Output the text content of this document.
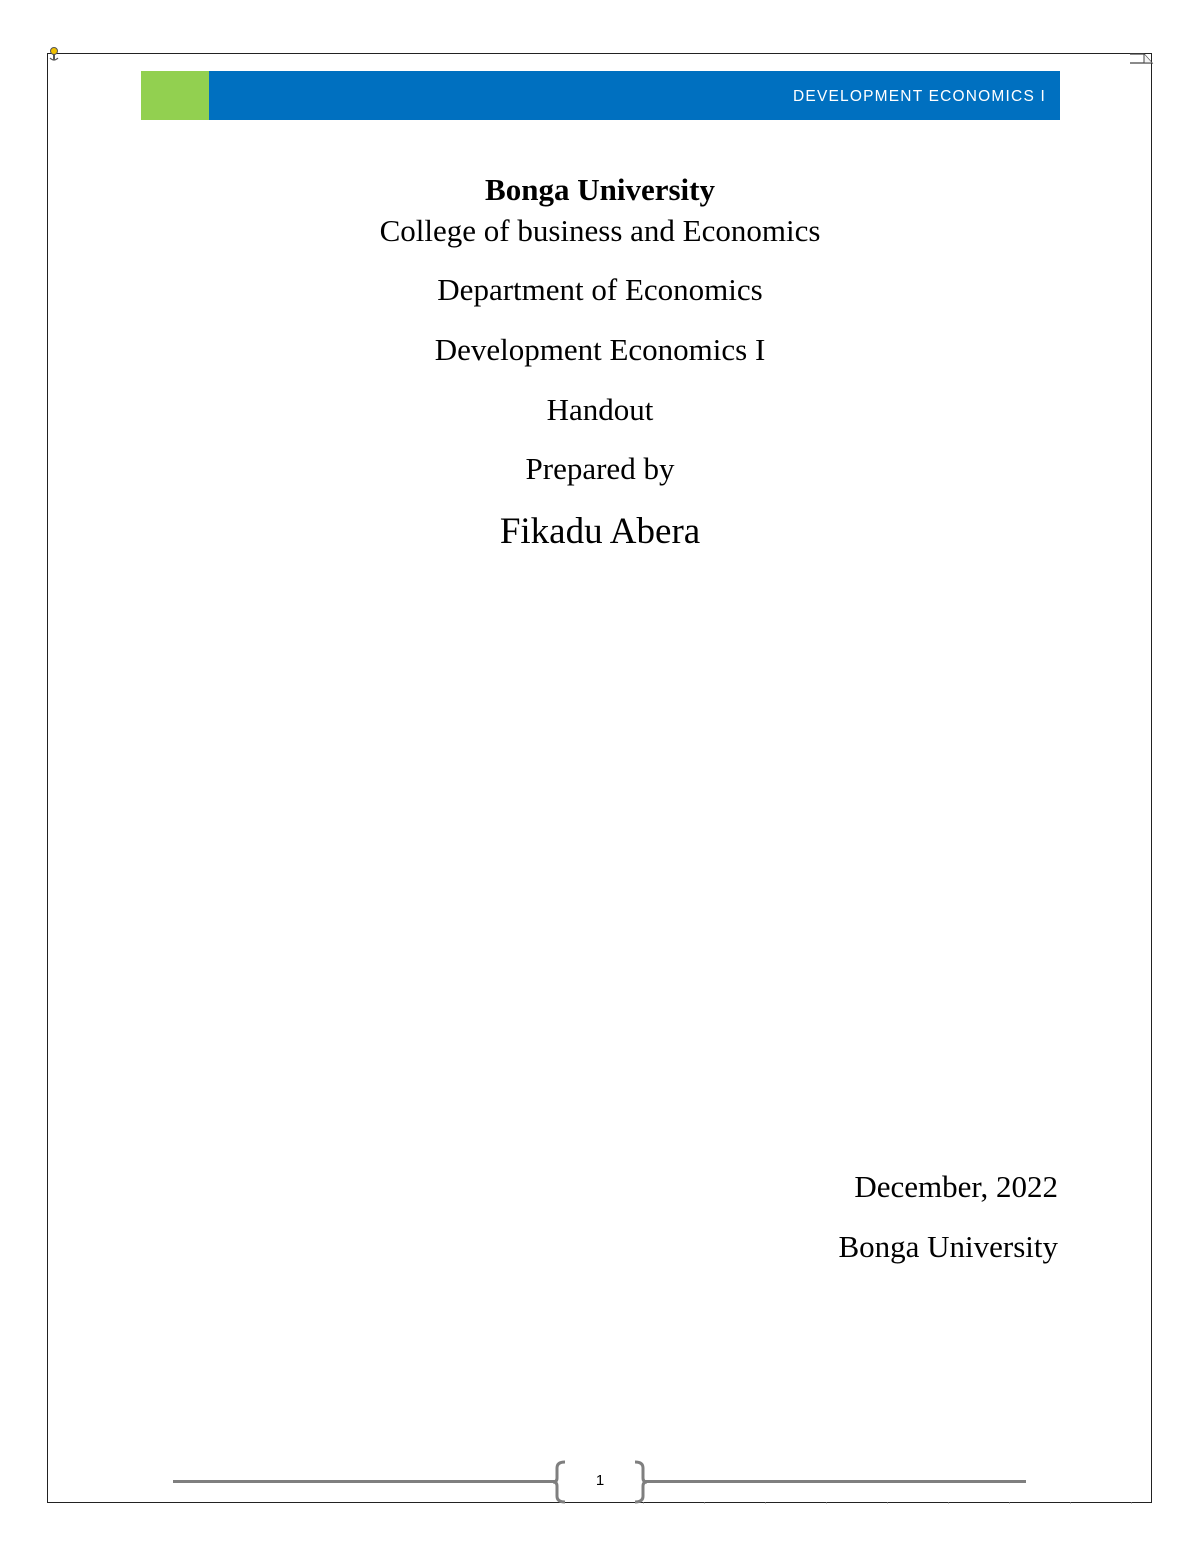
DEVELOPMENT ECONOMICS I
Bonga University
College of business and Economics
Department of Economics
Development Economics I
Handout
Prepared by
Fikadu Abera
December, 2022
Bonga University
1
